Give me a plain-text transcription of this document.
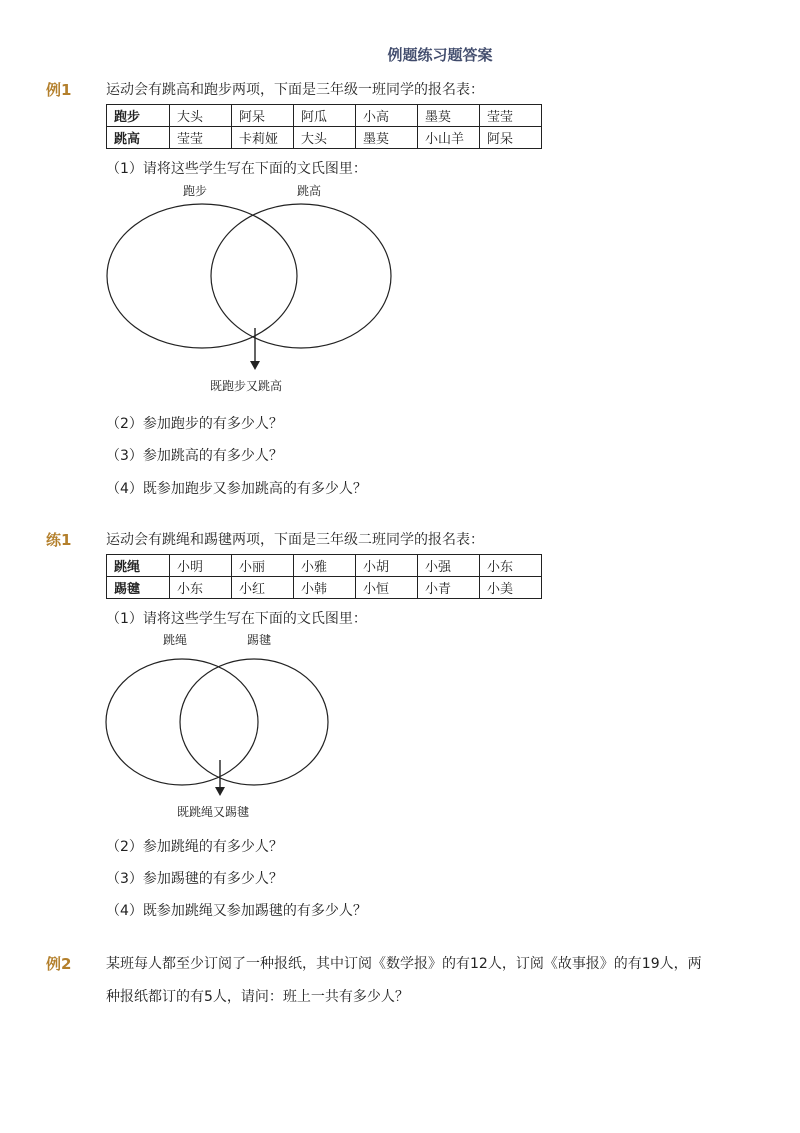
例题练习题答案
例1 运动会有跳高和跑步两项，下面是三年级一班同学的报名表：
跑步	大头	阿呆	阿瓜	小高	墨莫	莹莹
跳高	莹莹	卡莉娅	大头	墨莫	小山羊	阿呆
（1）请将这些学生写在下面的文氏图里：
跑步	跳高
既跑步又跳高
（2）参加跑步的有多少人？
（3）参加跳高的有多少人？
（4）既参加跑步又参加跳高的有多少人？
练1 运动会有跳绳和踢毽两项，下面是三年级二班同学的报名表：
跳绳	小明	小丽	小雅	小胡	小强	小东
踢毽	小东	小红	小韩	小恒	小青	小美
（1）请将这些学生写在下面的文氏图里：
跳绳	踢毽
既跳绳又踢毽
（2）参加跳绳的有多少人？
（3）参加踢毽的有多少人？
（4）既参加跳绳又参加踢毽的有多少人？
例2 某班每人都至少订阅了一种报纸，其中订阅《数学报》的有12人，订阅《故事报》的有19人，两
种报纸都订的有5人，请问：班上一共有多少人？
